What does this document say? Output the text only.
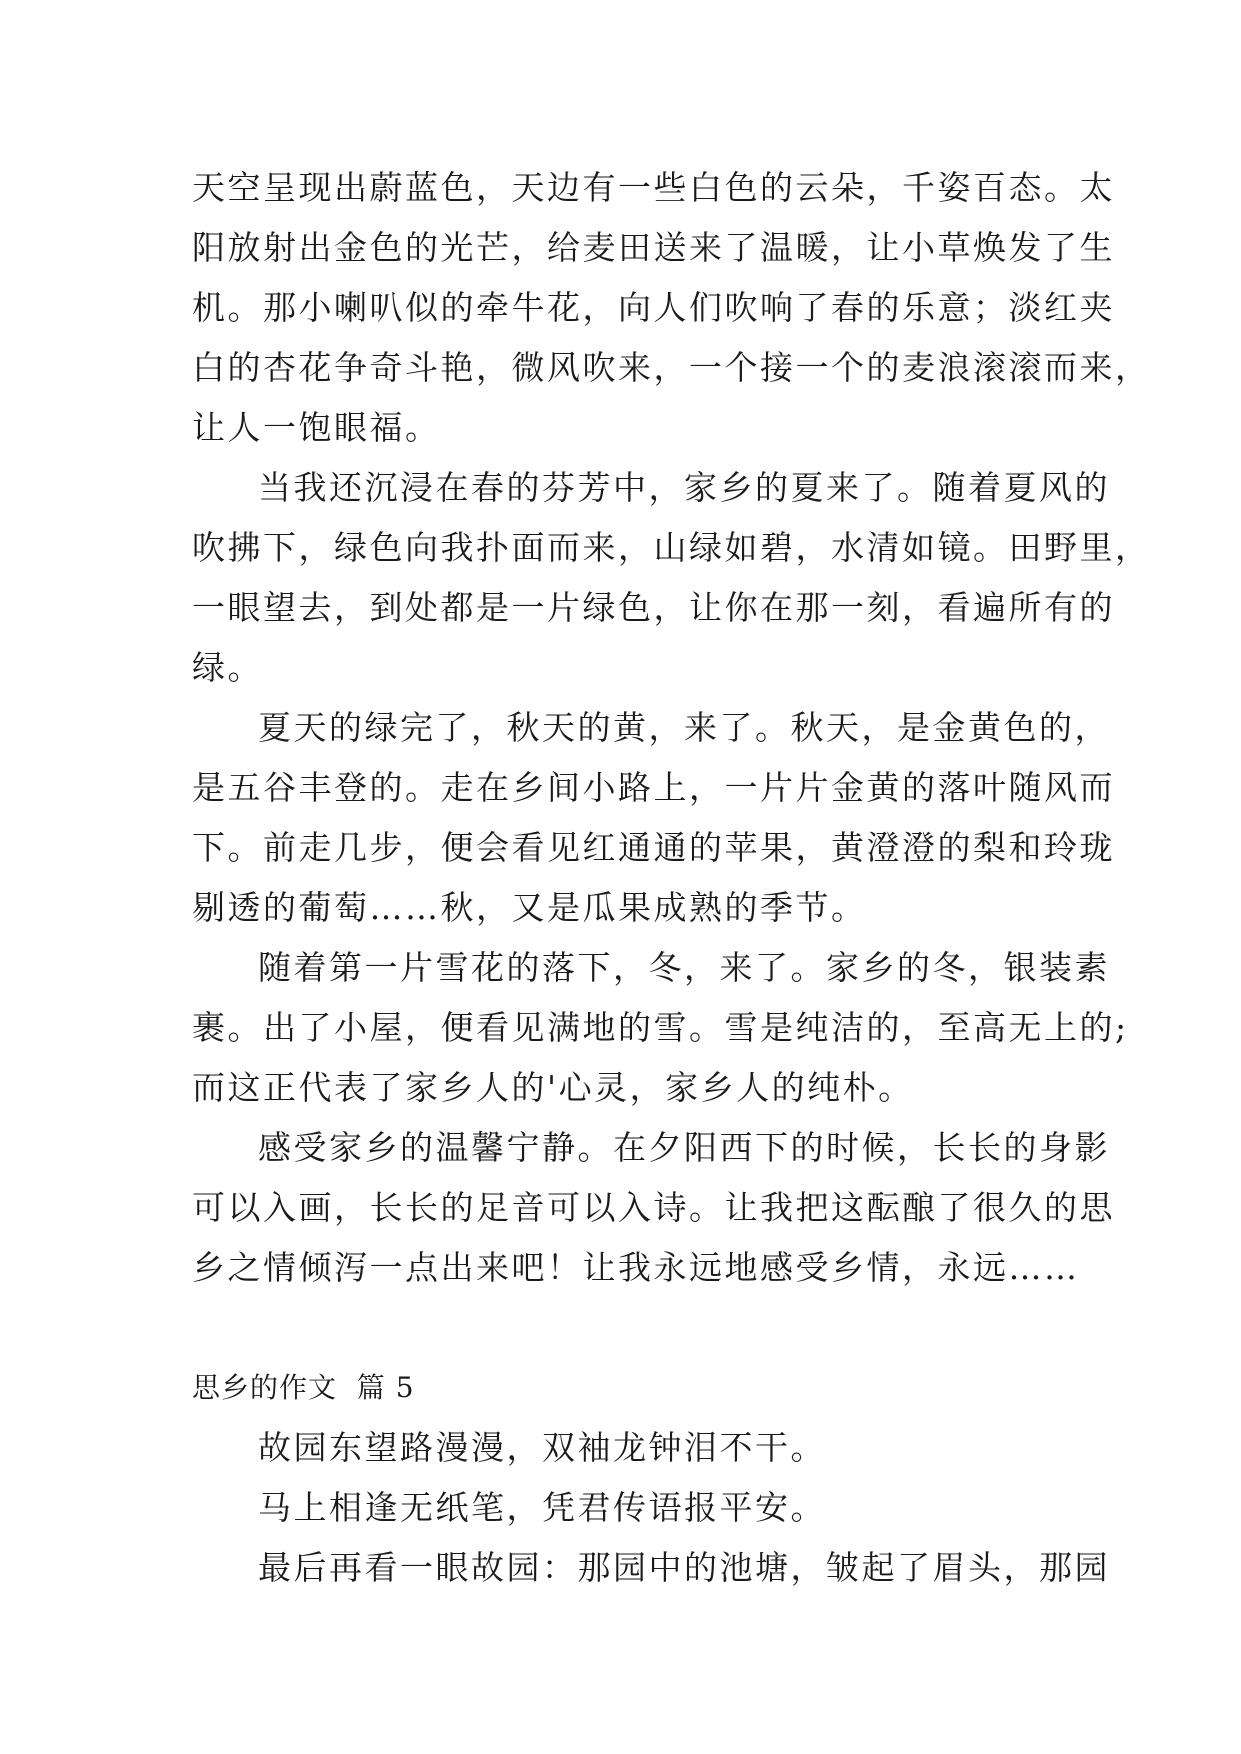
天空呈现出蔚蓝色，天边有一些白色的云朵，千姿百态。太
阳放射出金色的光芒，给麦田送来了温暖，让小草焕发了生
机。那小喇叭似的牵牛花，向人们吹响了春的乐意；淡红夹
白的杏花争奇斗艳，微风吹来，一个接一个的麦浪滚滚而来，
让人一饱眼福。
当我还沉浸在春的芬芳中，家乡的夏来了。随着夏风的
吹拂下，绿色向我扑面而来，山绿如碧，水清如镜。田野里，
一眼望去，到处都是一片绿色，让你在那一刻，看遍所有的
绿。
夏天的绿完了，秋天的黄，来了。秋天，是金黄色的，
是五谷丰登的。走在乡间小路上，一片片金黄的落叶随风而
下。前走几步，便会看见红通通的苹果，黄澄澄的梨和玲珑
剔透的葡萄……秋，又是瓜果成熟的季节。
随着第一片雪花的落下，冬，来了。家乡的冬，银装素
裹。出了小屋，便看见满地的雪。雪是纯洁的，至高无上的;
而这正代表了家乡人的'心灵，家乡人的纯朴。
感受家乡的温馨宁静。在夕阳西下的时候，长长的身影
可以入画，长长的足音可以入诗。让我把这酝酿了很久的思
乡之情倾泻一点出来吧！让我永远地感受乡情，永远……
思乡的作文  篇 5
故园东望路漫漫，双袖龙钟泪不干。
马上相逢无纸笔，凭君传语报平安。
最后再看一眼故园：那园中的池塘，皱起了眉头，那园
